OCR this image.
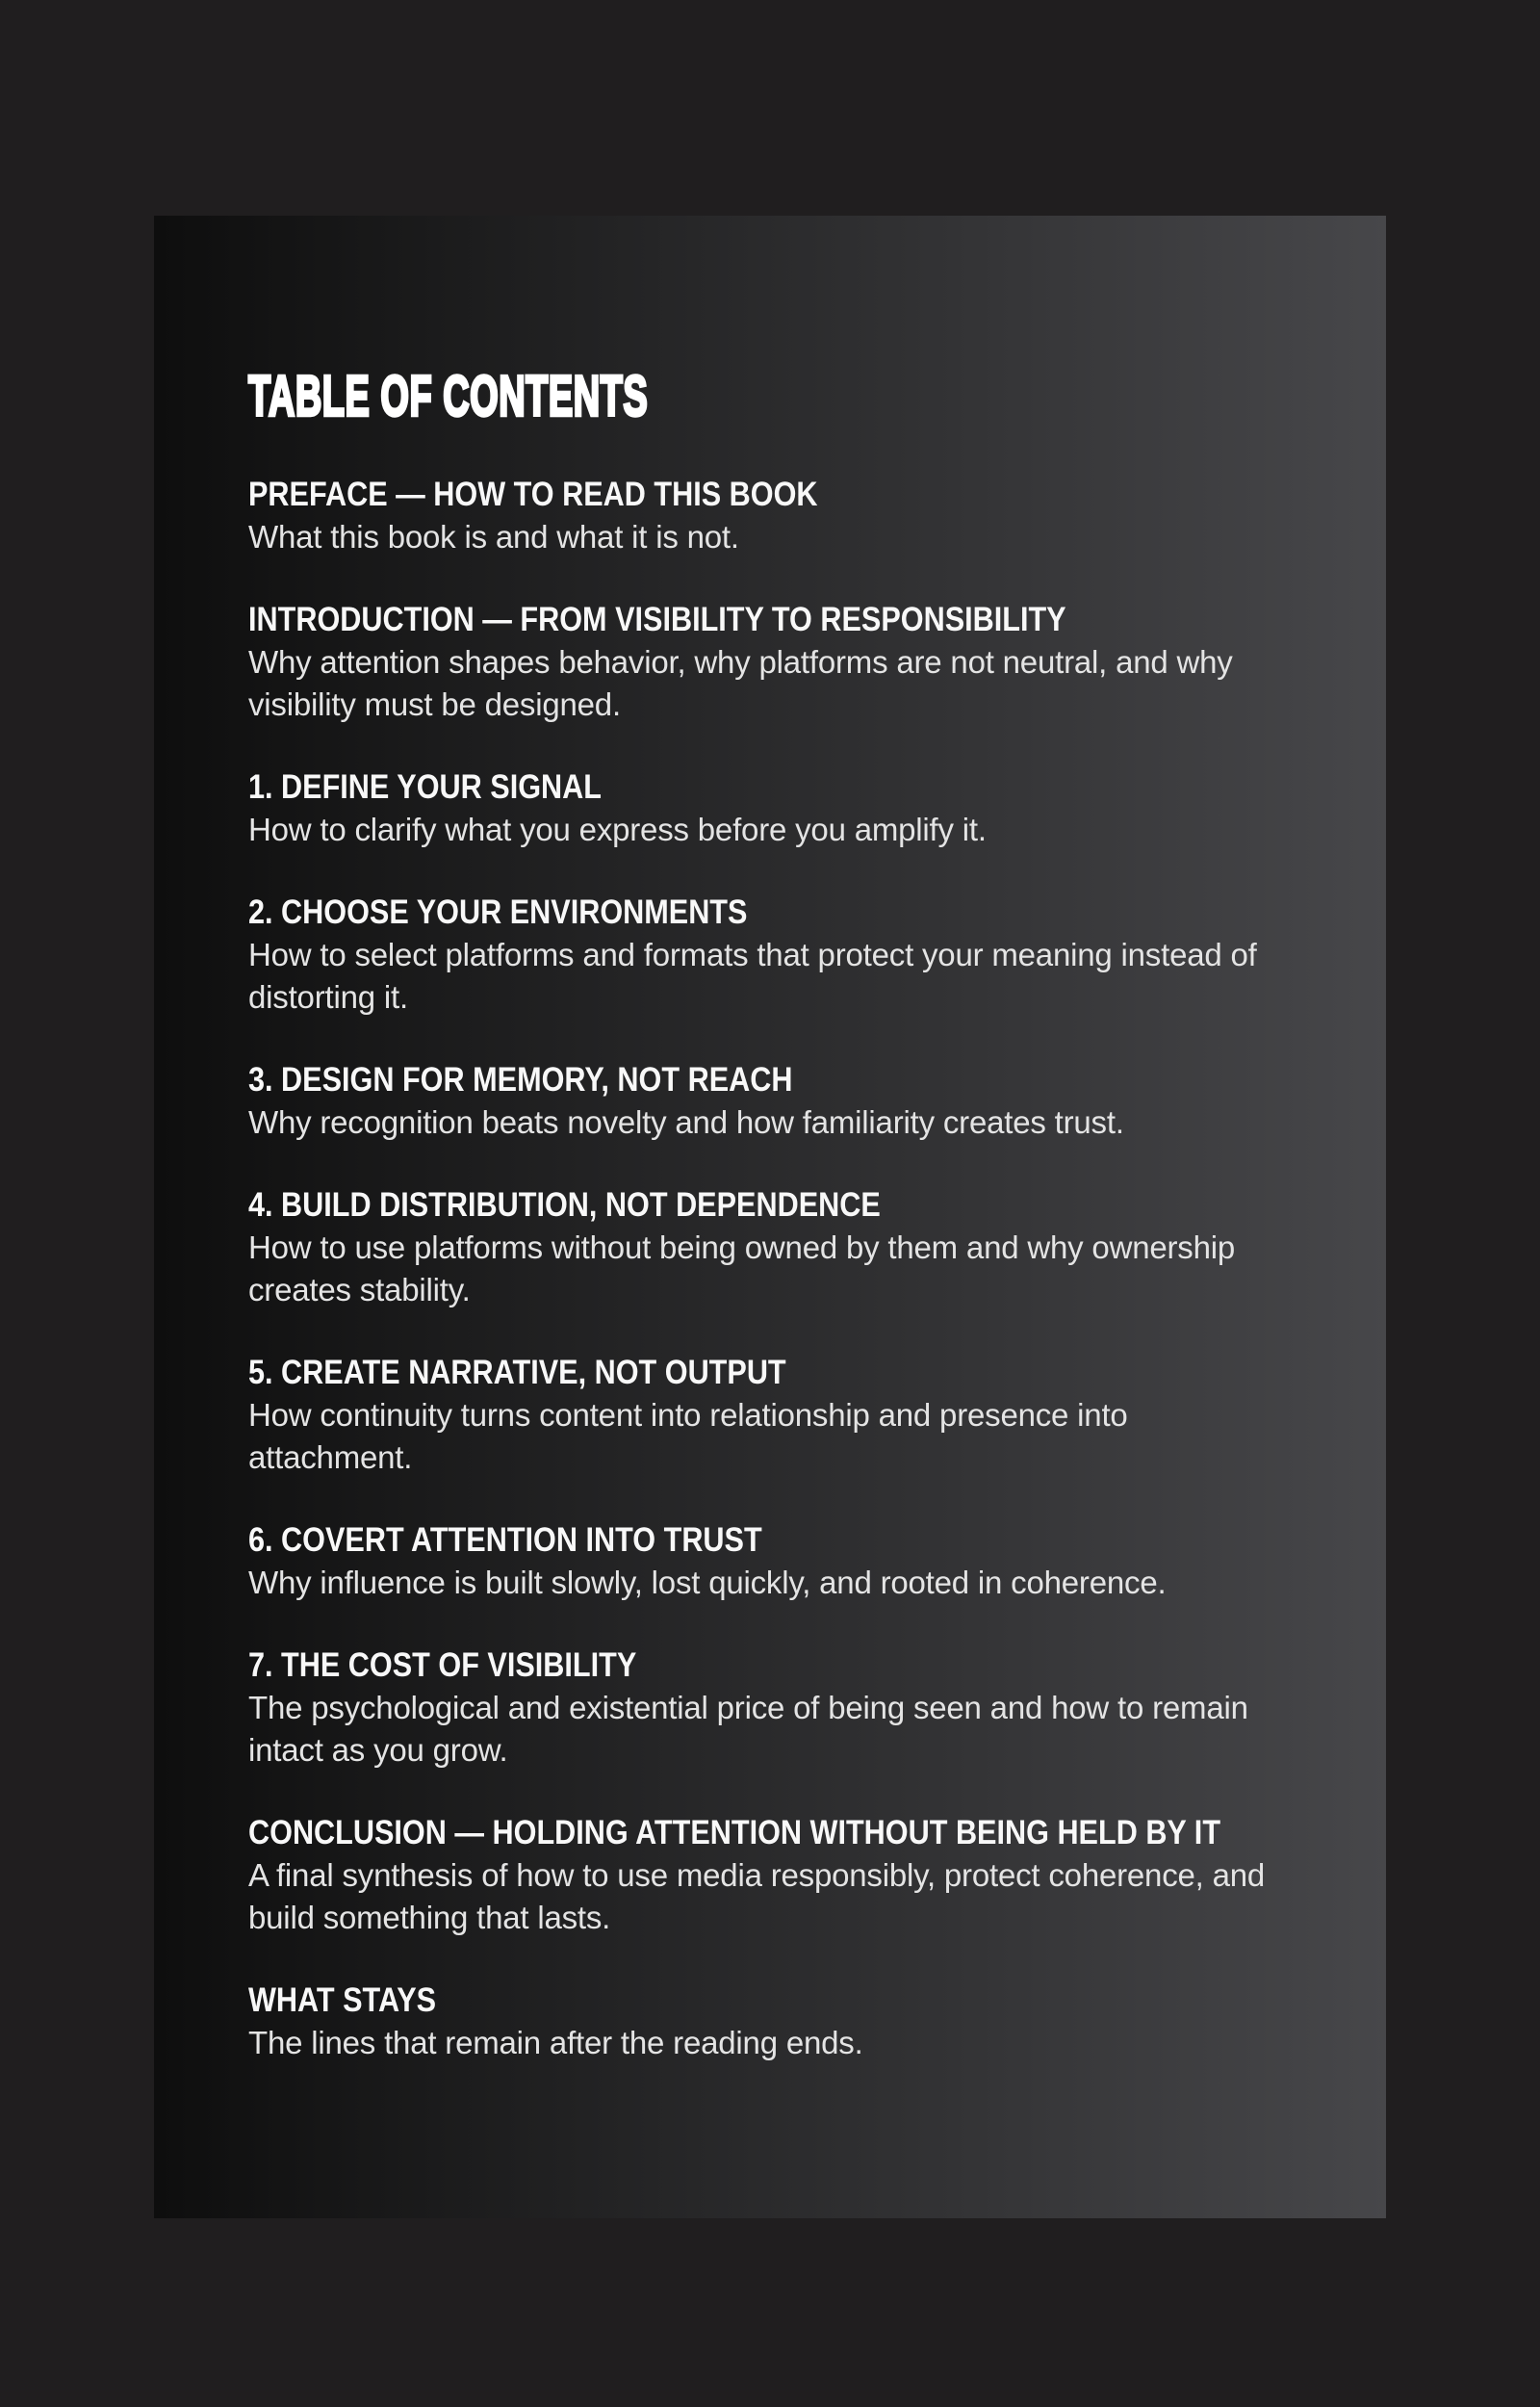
TABLE OF CONTENTS
PREFACE — HOW TO READ THIS BOOK
What this book is and what it is not.
INTRODUCTION — FROM VISIBILITY TO RESPONSIBILITY
Why attention shapes behavior, why platforms are not neutral, and why
visibility must be designed.
1. DEFINE YOUR SIGNAL
How to clarify what you express before you amplify it.
2. CHOOSE YOUR ENVIRONMENTS
How to select platforms and formats that protect your meaning instead of
distorting it.
3. DESIGN FOR MEMORY, NOT REACH
Why recognition beats novelty and how familiarity creates trust.
4. BUILD DISTRIBUTION, NOT DEPENDENCE
How to use platforms without being owned by them and why ownership
creates stability.
5. CREATE NARRATIVE, NOT OUTPUT
How continuity turns content into relationship and presence into
attachment.
6. COVERT ATTENTION INTO TRUST
Why influence is built slowly, lost quickly, and rooted in coherence.
7. THE COST OF VISIBILITY
The psychological and existential price of being seen and how to remain
intact as you grow.
CONCLUSION — HOLDING ATTENTION WITHOUT BEING HELD BY IT
A final synthesis of how to use media responsibly, protect coherence, and
build something that lasts.
WHAT STAYS
The lines that remain after the reading ends.
